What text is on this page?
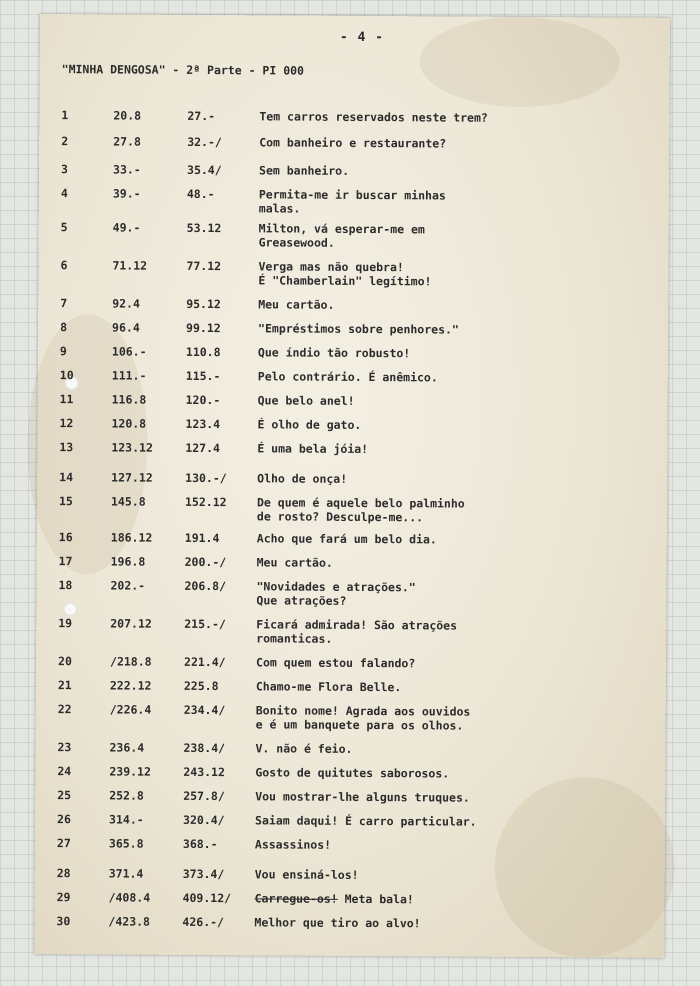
- 4 -
"MINHA DENGOSA" - 2ª Parte - PI 000
1	20.8	27.-	Tem carros reservados neste trem?
2	27.8	32.-/	Com banheiro e restaurante?
3	33.-	35.4/	Sem banheiro.
4	39.-	48.-	Permita-me ir buscar minhas
malas.
5	49.-	53.12	Milton, vá esperar-me em
Greasewood.
6	71.12	77.12	Verga mas não quebra!
É "Chamberlain" legítimo!
7	92.4	95.12	Meu cartão.
8	96.4	99.12	"Empréstimos sobre penhores."
9	106.-	110.8	Que índio tão robusto!
10	111.-	115.-	Pelo contrário. É anêmico.
11	116.8	120.-	Que belo anel!
12	120.8	123.4	É olho de gato.
13	123.12	127.4	É uma bela jóia!
14	127.12	130.-/	Olho de onça!
15	145.8	152.12	De quem é aquele belo palminho
de rosto? Desculpe-me...
16	186.12	191.4	Acho que fará um belo dia.
17	196.8	200.-/	Meu cartão.
18	202.-	206.8/	"Novidades e atrações."
Que atrações?
19	207.12	215.-/	Ficará admirada! São atrações
romanticas.
20	/218.8	221.4/	Com quem estou falando?
21	222.12	225.8	Chamo-me Flora Belle.
22	/226.4	234.4/	Bonito nome! Agrada aos ouvidos
e é um banquete para os olhos.
23	236.4	238.4/	V. não é feio.
24	239.12	243.12	Gosto de quitutes saborosos.
25	252.8	257.8/	Vou mostrar-lhe alguns truques.
26	314.-	320.4/	Saiam daqui! É carro particular.
27	365.8	368.-	Assassinos!
28	371.4	373.4/	Vou ensiná-los!
29	/408.4	409.12/ Carregue-os! Meta bala!
30	/423.8	426.-/	Melhor que tiro ao alvo!
